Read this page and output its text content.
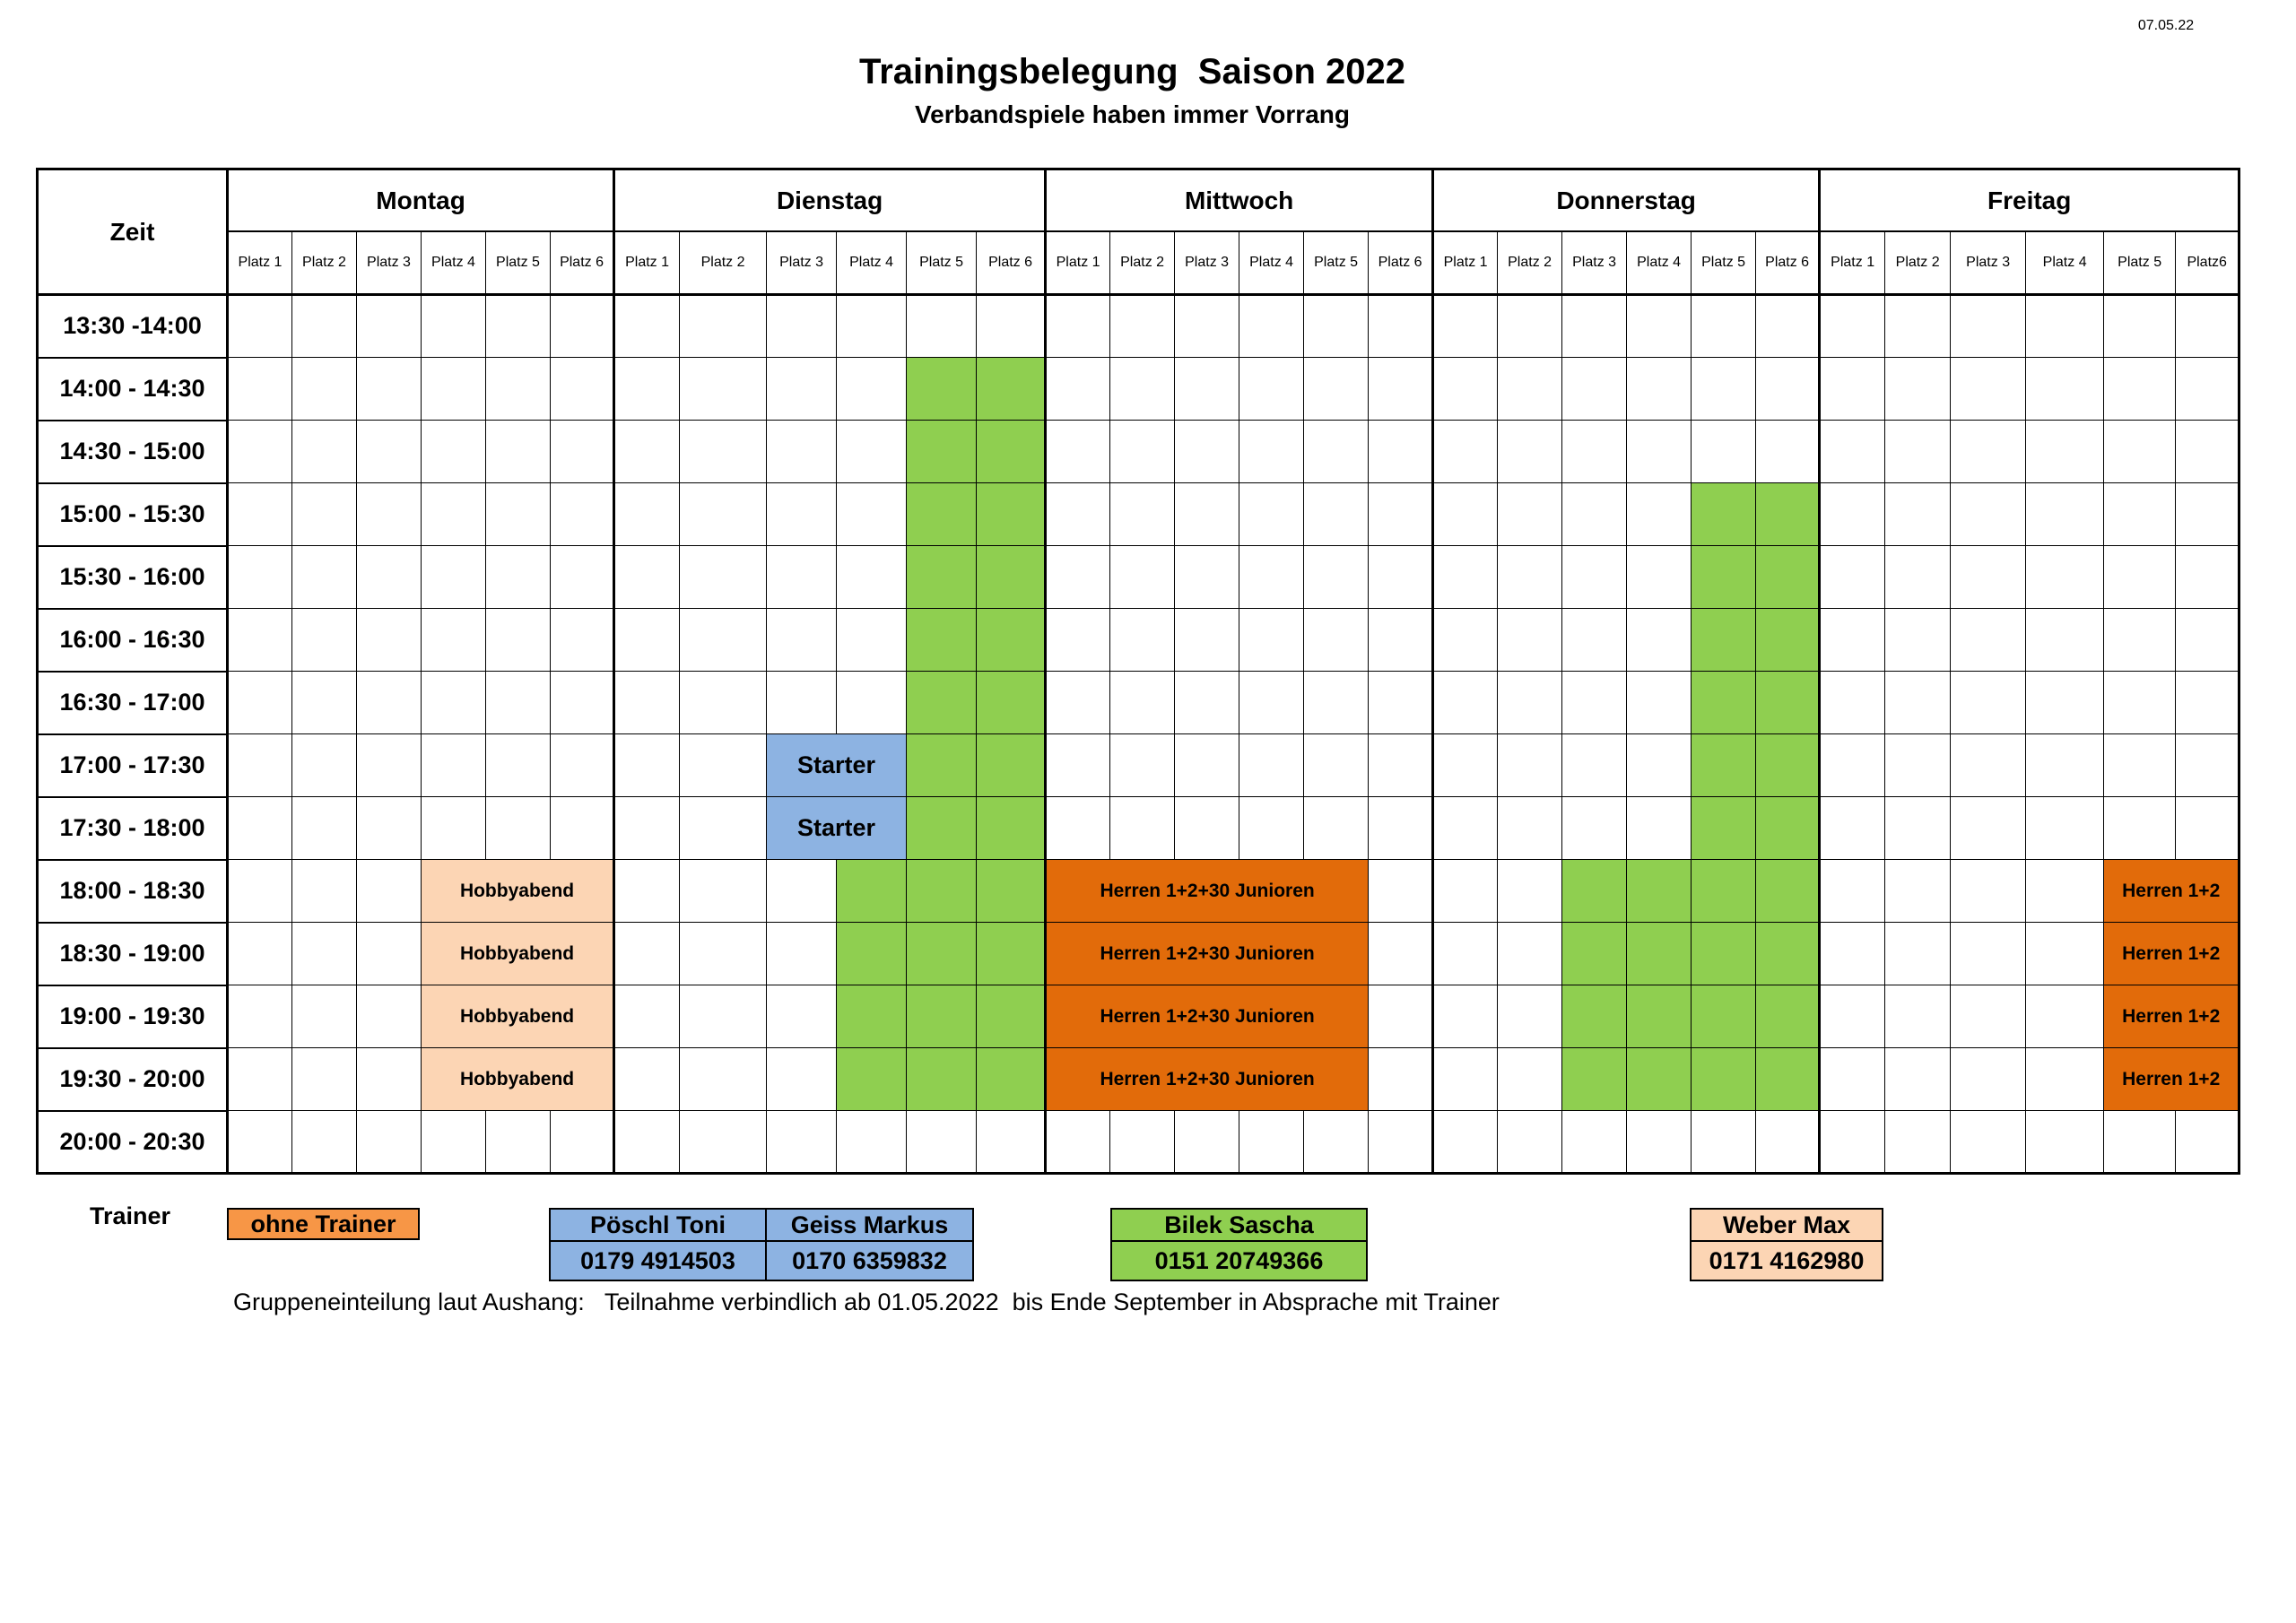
07.05.22
Trainingsbelegung  Saison 2022
Verbandspiele haben immer Vorrang
Zeit	Montag						Dienstag						Mittwoch						Donnerstag						Freitag					
	Platz 1	Platz 2	Platz 3	Platz 4	Platz 5	Platz 6	Platz 1	Platz 2	Platz 3	Platz 4	Platz 5	Platz 6	Platz 1	Platz 2	Platz 3	Platz 4	Platz 5	Platz 6	Platz 1	Platz 2	Platz 3	Platz 4	Platz 5	Platz 6	Platz 1	Platz 2	Platz 3	Platz 4	Platz 5	Platz6
13:30 -14:00																														
14:00 - 14:30																														
14:30 - 15:00																														
15:00 - 15:30																														
15:30 - 16:00																														
16:00 - 16:30																														
16:30 - 17:00																														
17:00 - 17:30									Starter																					
17:30 - 18:00									Starter																					
18:00 - 18:30				Hobbyabend									Herren 1+2+30 Junioren																Herren 1+2	
18:30 - 19:00				Hobbyabend									Herren 1+2+30 Junioren																Herren 1+2	
19:00 - 19:30				Hobbyabend									Herren 1+2+30 Junioren																Herren 1+2	
19:30 - 20:00				Hobbyabend									Herren 1+2+30 Junioren																Herren 1+2	
20:00 - 20:30																														
Trainer	ohne Trainer	Pöschl Toni	Geiss Markus
0179 4914503	0170 6359832
Bilek Sascha
0151 20749366
Weber Max
0171 4162980
Gruppeneinteilung laut Aushang:   Teilnahme verbindlich ab 01.05.2022  bis Ende September in Absprache mit Trainer
